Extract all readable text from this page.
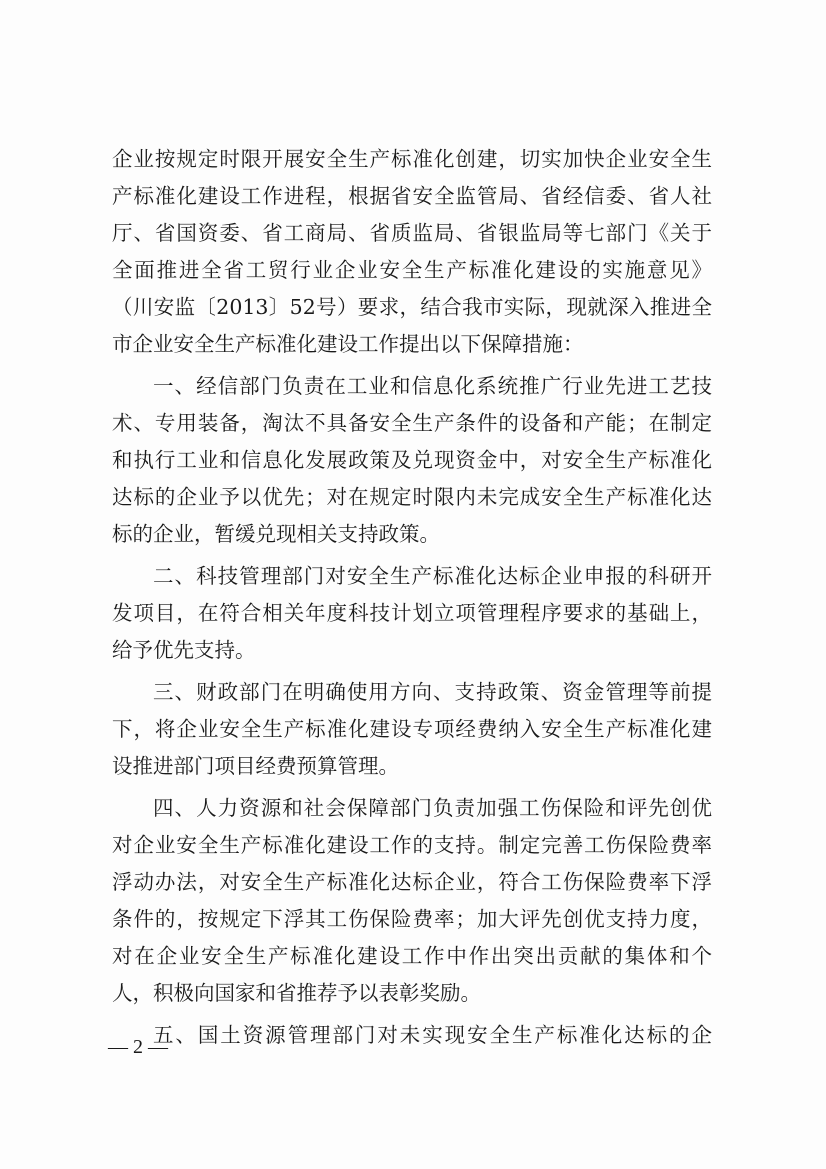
企业按规定时限开展安全生产标准化创建，切实加快企业安全生
产标准化建设工作进程，根据省安全监管局、省经信委、省人社
厅、省国资委、省工商局、省质监局、省银监局等七部门《关于
全面推进全省工贸行业企业安全生产标准化建设的实施意见》
（川安监〔2013〕52号）要求，结合我市实际，现就深入推进全
市企业安全生产标准化建设工作提出以下保障措施：
一、经信部门负责在工业和信息化系统推广行业先进工艺技
术、专用装备，淘汰不具备安全生产条件的设备和产能；在制定
和执行工业和信息化发展政策及兑现资金中，对安全生产标准化
达标的企业予以优先；对在规定时限内未完成安全生产标准化达
标的企业，暂缓兑现相关支持政策。
二、科技管理部门对安全生产标准化达标企业申报的科研开
发项目，在符合相关年度科技计划立项管理程序要求的基础上，
给予优先支持。
三、财政部门在明确使用方向、支持政策、资金管理等前提
下，将企业安全生产标准化建设专项经费纳入安全生产标准化建
设推进部门项目经费预算管理。
四、人力资源和社会保障部门负责加强工伤保险和评先创优
对企业安全生产标准化建设工作的支持。制定完善工伤保险费率
浮动办法，对安全生产标准化达标企业，符合工伤保险费率下浮
条件的，按规定下浮其工伤保险费率；加大评先创优支持力度，
对在企业安全生产标准化建设工作中作出突出贡献的集体和个
人，积极向国家和省推荐予以表彰奖励。
五、国土资源管理部门对未实现安全生产标准化达标的企
— 2 —
